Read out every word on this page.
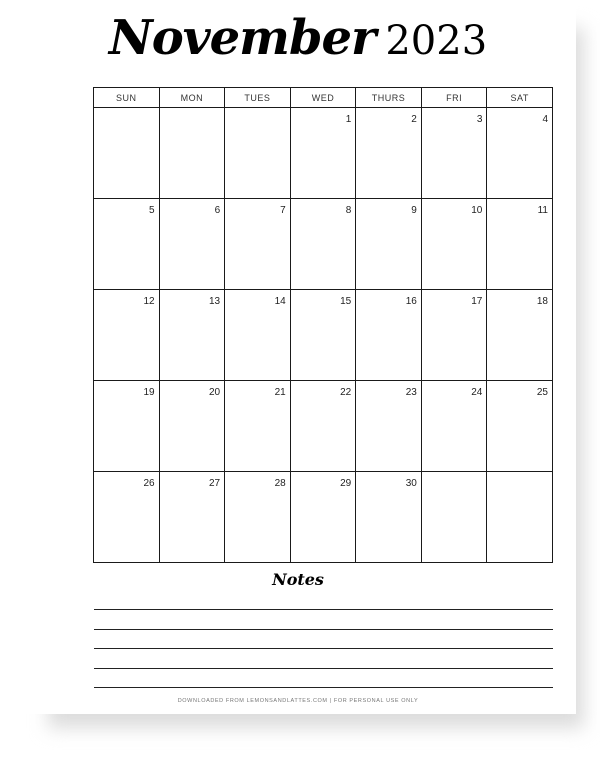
November 2023
SUN	MON	TUES	WED	THURS	FRI	SAT

			1	2	3	4

5	6	7	8	9	10	11

12	13	14	15	16	17	18

19	20	21	22	23	24	25

26	27	28	29	30		

Notes
DOWNLOADED FROM LEMONSANDLATTES.COM | FOR PERSONAL USE ONLY
